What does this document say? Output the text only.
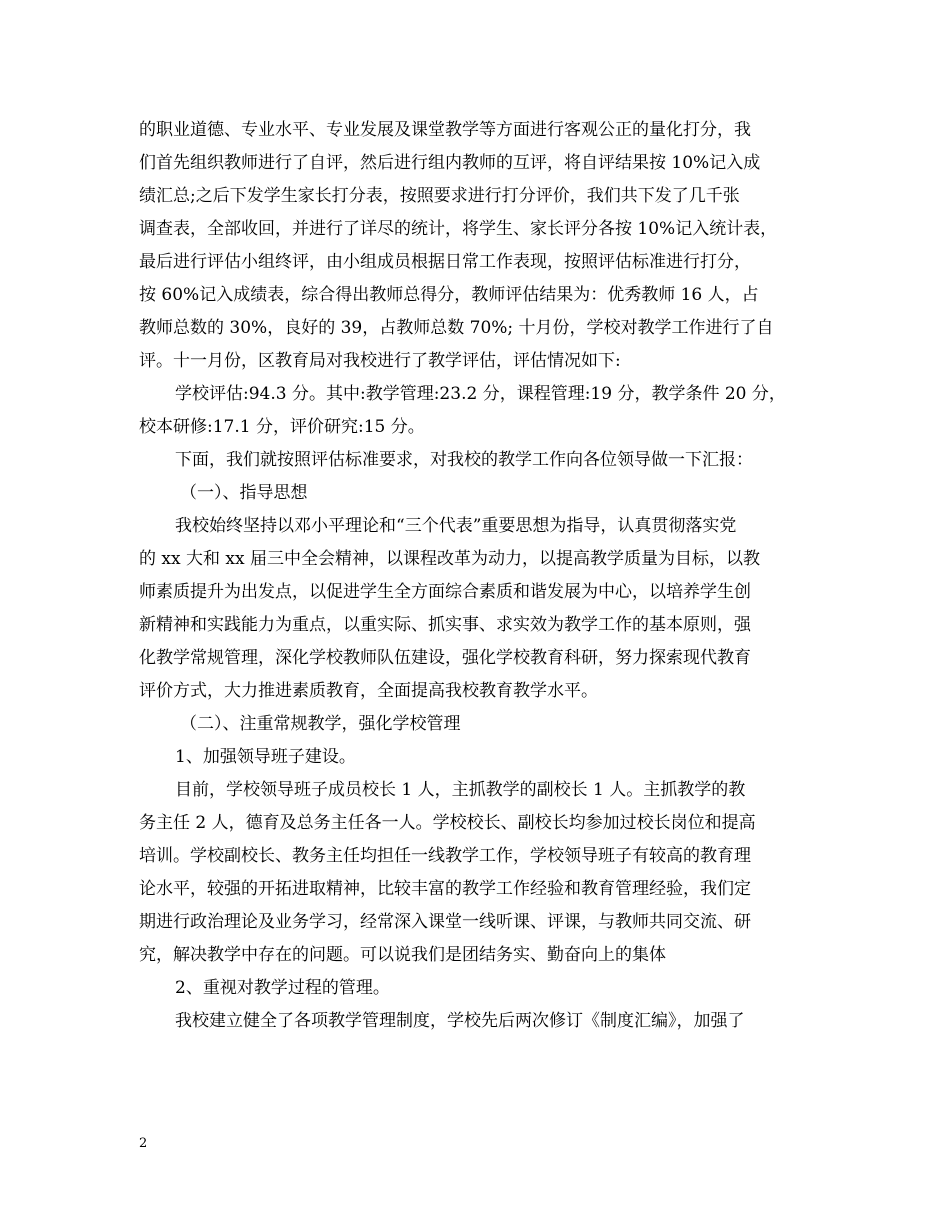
的职业道德、专业水平、专业发展及课堂教学等方面进行客观公正的量化打分，我
们首先组织教师进行了自评，然后进行组内教师的互评，将自评结果按 10%记入成
绩汇总;之后下发学生家长打分表，按照要求进行打分评价，我们共下发了几千张
调查表，全部收回，并进行了详尽的统计，将学生、家长评分各按 10%记入统计表，
最后进行评估小组终评，由小组成员根据日常工作表现，按照评估标准进行打分，
按 60%记入成绩表，综合得出教师总得分，教师评估结果为：优秀教师 16 人，占
教师总数的 30%，良好的 39，占教师总数 70%; 十月份，学校对教学工作进行了自
评。十一月份，区教育局对我校进行了教学评估，评估情况如下:
学校评估:94.3 分。其中:教学管理:23.2 分，课程管理:19 分，教学条件 20 分，
校本研修:17.1 分，评价研究:15 分。
下面，我们就按照评估标准要求，对我校的教学工作向各位领导做一下汇报：
（一）、指导思想
我校始终坚持以邓小平理论和“三个代表”重要思想为指导，认真贯彻落实党
的 xx 大和 xx 届三中全会精神，以课程改革为动力，以提高教学质量为目标，以教
师素质提升为出发点，以促进学生全方面综合素质和谐发展为中心，以培养学生创
新精神和实践能力为重点，以重实际、抓实事、求实效为教学工作的基本原则，强
化教学常规管理，深化学校教师队伍建设，强化学校教育科研，努力探索现代教育
评价方式，大力推进素质教育，全面提高我校教育教学水平。
（二）、注重常规教学，强化学校管理
1、加强领导班子建设。
目前，学校领导班子成员校长 1 人，主抓教学的副校长 1 人。主抓教学的教
务主任 2 人，德育及总务主任各一人。学校校长、副校长均参加过校长岗位和提高
培训。学校副校长、教务主任均担任一线教学工作，学校领导班子有较高的教育理
论水平，较强的开拓进取精神，比较丰富的教学工作经验和教育管理经验，我们定
期进行政治理论及业务学习，经常深入课堂一线听课、评课，与教师共同交流、研
究，解决教学中存在的问题。可以说我们是团结务实、勤奋向上的集体
2、重视对教学过程的管理。
我校建立健全了各项教学管理制度，学校先后两次修订《制度汇编》，加强了
2
